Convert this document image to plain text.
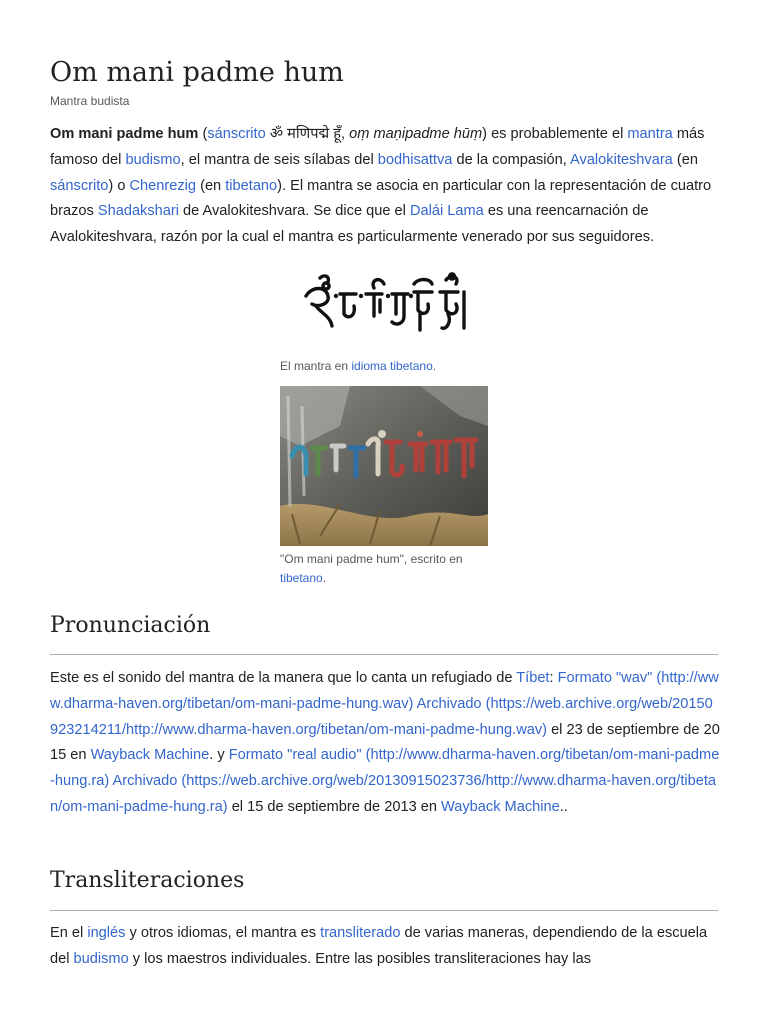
Om mani padme hum
Mantra budista

Om mani padme hum (sánscrito ॐ मणिपद्मे हूँ, oṃ maṇipadme hūṃ) es probablemente el mantra más famoso del budismo, el mantra de seis sílabas del bodhisattva de la compasión, Avalokiteshvara (en sánscrito) o Chenrezig (en tibetano). El mantra se asocia en particular con la representación de cuatro brazos Shadakshari de Avalokiteshvara. Se dice que el Dalái Lama es una reencarnación de Avalokiteshvara, razón por la cual el mantra es particularmente venerado por sus seguidores.

El mantra en idioma tibetano.
"Om mani padme hum", escrito en tibetano.
Pronunciación

Este es el sonido del mantra de la manera que lo canta un refugiado de Tíbet: Formato "wav" (http://www.dharma-haven.org/tibetan/om-mani-padme-hung.wav) Archivado (https://web.archive.org/web/20150923214211/http://www.dharma-haven.org/tibetan/om-mani-padme-hung.wav) el 23 de septiembre de 2015 en Wayback Machine. y Formato "real audio" (http://www.dharma-haven.org/tibetan/om-mani-padme-hung.ra) Archivado (https://web.archive.org/web/20130915023736/http://www.dharma-haven.org/tibetan/om-mani-padme-hung.ra) el 15 de septiembre de 2013 en Wayback Machine..

Transliteraciones

En el inglés y otros idiomas, el mantra es transliterado de varias maneras, dependiendo de la escuela del budismo y los maestros individuales. Entre las posibles transliteraciones hay las
